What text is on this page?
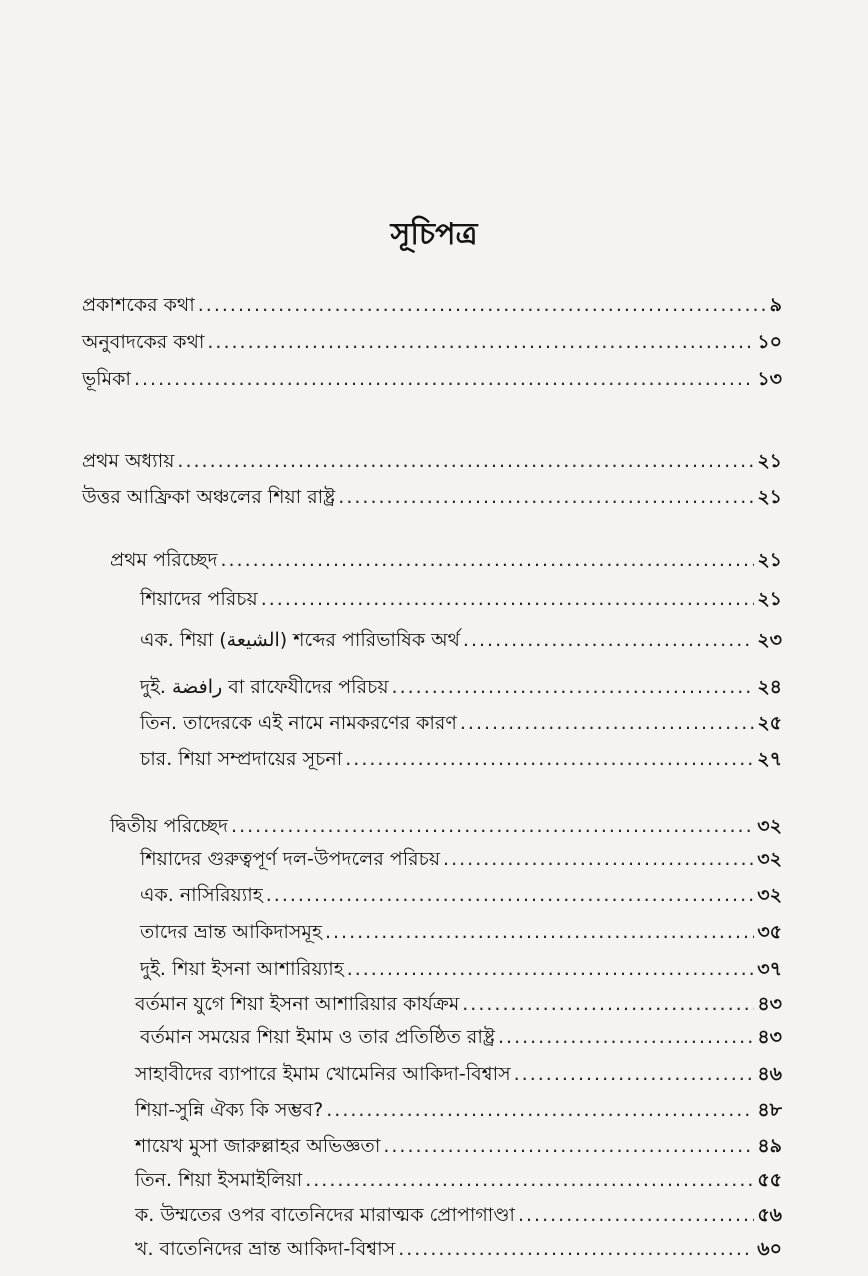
সূচিপত্র
প্রকাশকের কথা .....	৯
অনুবাদকের কথা .....	১০
ভূমিকা .....	১৩
প্রথম অধ্যায় .....	২১
উত্তর আফ্রিকা অঞ্চলের শিয়া রাষ্ট্র .....	২১
প্রথম পরিচ্ছেদ .....	২১
শিয়াদের পরিচয় .....	২১
এক. শিয়া (الشيعة) শব্দের পারিভাষিক অর্থ .....	২৩
দুই. رافضة বা রাফেযীদের পরিচয় .....	২৪
তিন. তাদেরকে এই নামে নামকরণের কারণ .....	২৫
চার. শিয়া সম্প্রদায়ের সূচনা .....	২৭
দ্বিতীয় পরিচ্ছেদ .....	৩২
শিয়াদের গুরুত্বপূর্ণ দল-উপদলের পরিচয় .....	৩২
এক. নাসিরিয়্যাহ .....	৩২
তাদের ভ্রান্ত আকিদাসমূহ .....	৩৫
দুই. শিয়া ইসনা আশারিয়্যাহ .....	৩৭
বর্তমান যুগে শিয়া ইসনা আশারিয়ার কার্যক্রম .....	৪৩
বর্তমান সময়ের শিয়া ইমাম ও তার প্রতিষ্ঠিত রাষ্ট্র .....	৪৩
সাহাবীদের ব্যাপারে ইমাম খোমেনির আকিদা-বিশ্বাস .....	৪৬
শিয়া-সুন্নি ঐক্য কি সম্ভব? .....	৪৮
শায়েখ মুসা জারুল্লাহর অভিজ্ঞতা .....	৪৯
তিন. শিয়া ইসমাইলিয়া .....	৫৫
ক. উম্মতের ওপর বাতেনিদের মারাত্মক প্রোপাগাণ্ডা .....	৫৬
খ. বাতেনিদের ভ্রান্ত আকিদা-বিশ্বাস .....	৬০
